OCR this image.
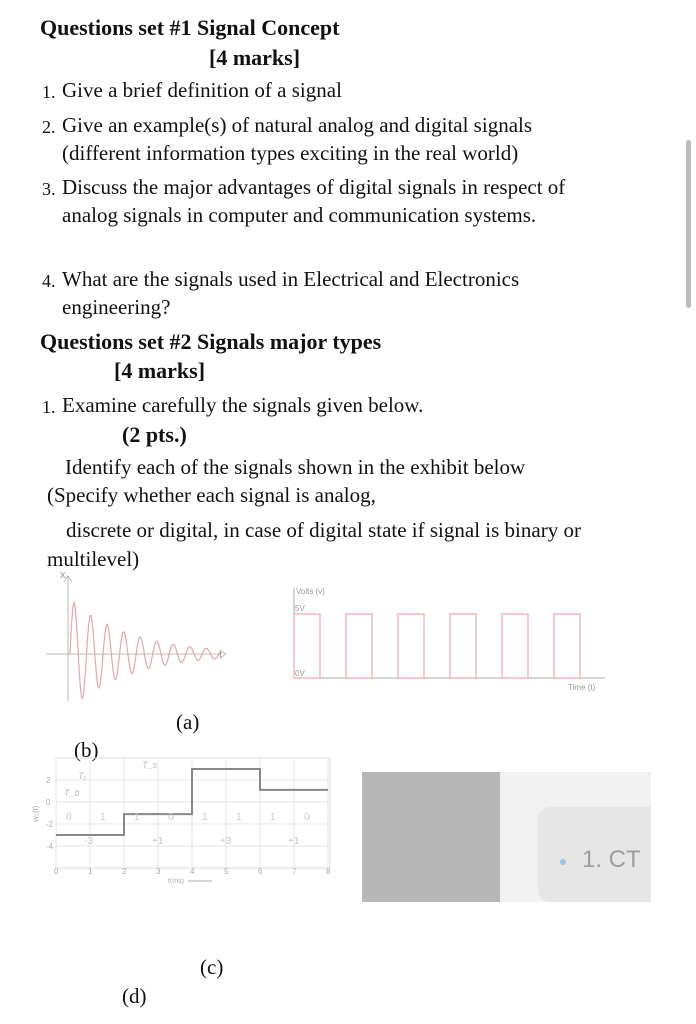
Questions set #1 Signal Concept
[4 marks]
1. Give a brief definition of a signal
2. Give an example(s) of natural analog and digital signals
(different information types exciting in the real world)
3. Discuss the major advantages of digital signals in respect of
analog signals in computer and communication systems.
4. What are the signals used in Electrical and Electronics
engineering?
Questions set #2 Signals major types
[4 marks]
1. Examine carefully the signals given below.
(2 pts.)
Identify each of the signals shown in the exhibit below
(Specify whether each signal is analog,
discrete or digital, in case of digital state if signal is binary or
multilevel)
x
t
Volts (v)
5V
0V
Time (t)
(a)
(b)
2
0
-2
-4
0	1	2	3	4	5	6	7	8
0	1	1	0	1	1	1	0
-3	+1	+3	+1
w₂(t)
t(ms)
T₁
T_b
T_s
1. CT
(c)
(d)
